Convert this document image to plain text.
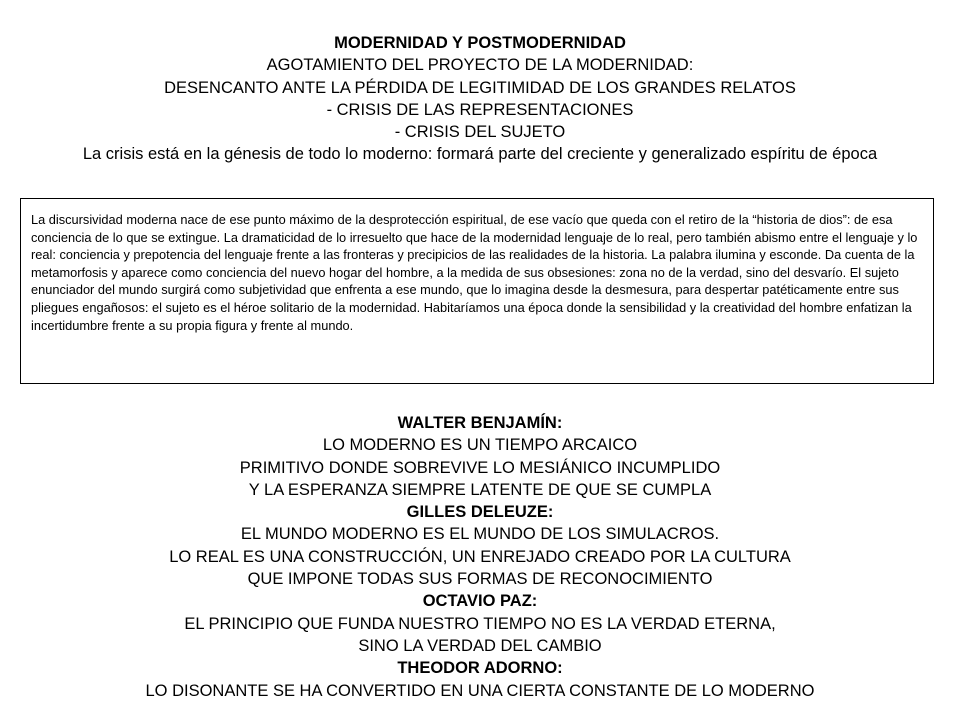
MODERNIDAD Y POSTMODERNIDAD
AGOTAMIENTO DEL PROYECTO DE LA MODERNIDAD:
DESENCANTO ANTE LA PÉRDIDA DE LEGITIMIDAD DE LOS GRANDES RELATOS
- CRISIS DE LAS REPRESENTACIONES
- CRISIS DEL SUJETO
La crisis está en la génesis de todo lo moderno: formará parte del creciente y generalizado espíritu de época
La discursividad moderna nace de ese punto máximo de la desprotección espiritual, de ese vacío que queda con el retiro de la “historia de dios”: de esa conciencia de lo que se extingue. La dramaticidad de lo irresuelto que hace de la modernidad lenguaje de lo real, pero también abismo entre el lenguaje y lo real: conciencia y prepotencia del lenguaje frente a las fronteras y precipicios de las realidades de la historia. La palabra ilumina y esconde. Da cuenta de la metamorfosis y aparece como conciencia del nuevo hogar del hombre, a la medida de sus obsesiones: zona no de la verdad, sino del desvarío. El sujeto enunciador del mundo surgirá como subjetividad que enfrenta a ese mundo, que lo imagina desde la desmesura, para despertar patéticamente entre sus pliegues engañosos: el sujeto es el héroe solitario de la modernidad. Habitaríamos una época donde la sensibilidad y la creatividad del hombre enfatizan la incertidumbre frente a su propia figura y frente al mundo.
WALTER BENJAMÍN:
LO MODERNO ES UN TIEMPO ARCAICO
PRIMITIVO DONDE SOBREVIVE LO MESIÁNICO INCUMPLIDO
Y LA ESPERANZA SIEMPRE LATENTE DE QUE SE CUMPLA
GILLES DELEUZE:
EL MUNDO MODERNO ES EL MUNDO DE LOS SIMULACROS.
LO REAL ES UNA CONSTRUCCIÓN, UN ENREJADO CREADO POR LA CULTURA
QUE IMPONE TODAS SUS FORMAS DE RECONOCIMIENTO
OCTAVIO PAZ:
EL PRINCIPIO QUE FUNDA NUESTRO TIEMPO NO ES LA VERDAD ETERNA,
SINO LA VERDAD DEL CAMBIO
THEODOR ADORNO:
LO DISONANTE SE HA CONVERTIDO EN UNA CIERTA CONSTANTE DE LO MODERNO
